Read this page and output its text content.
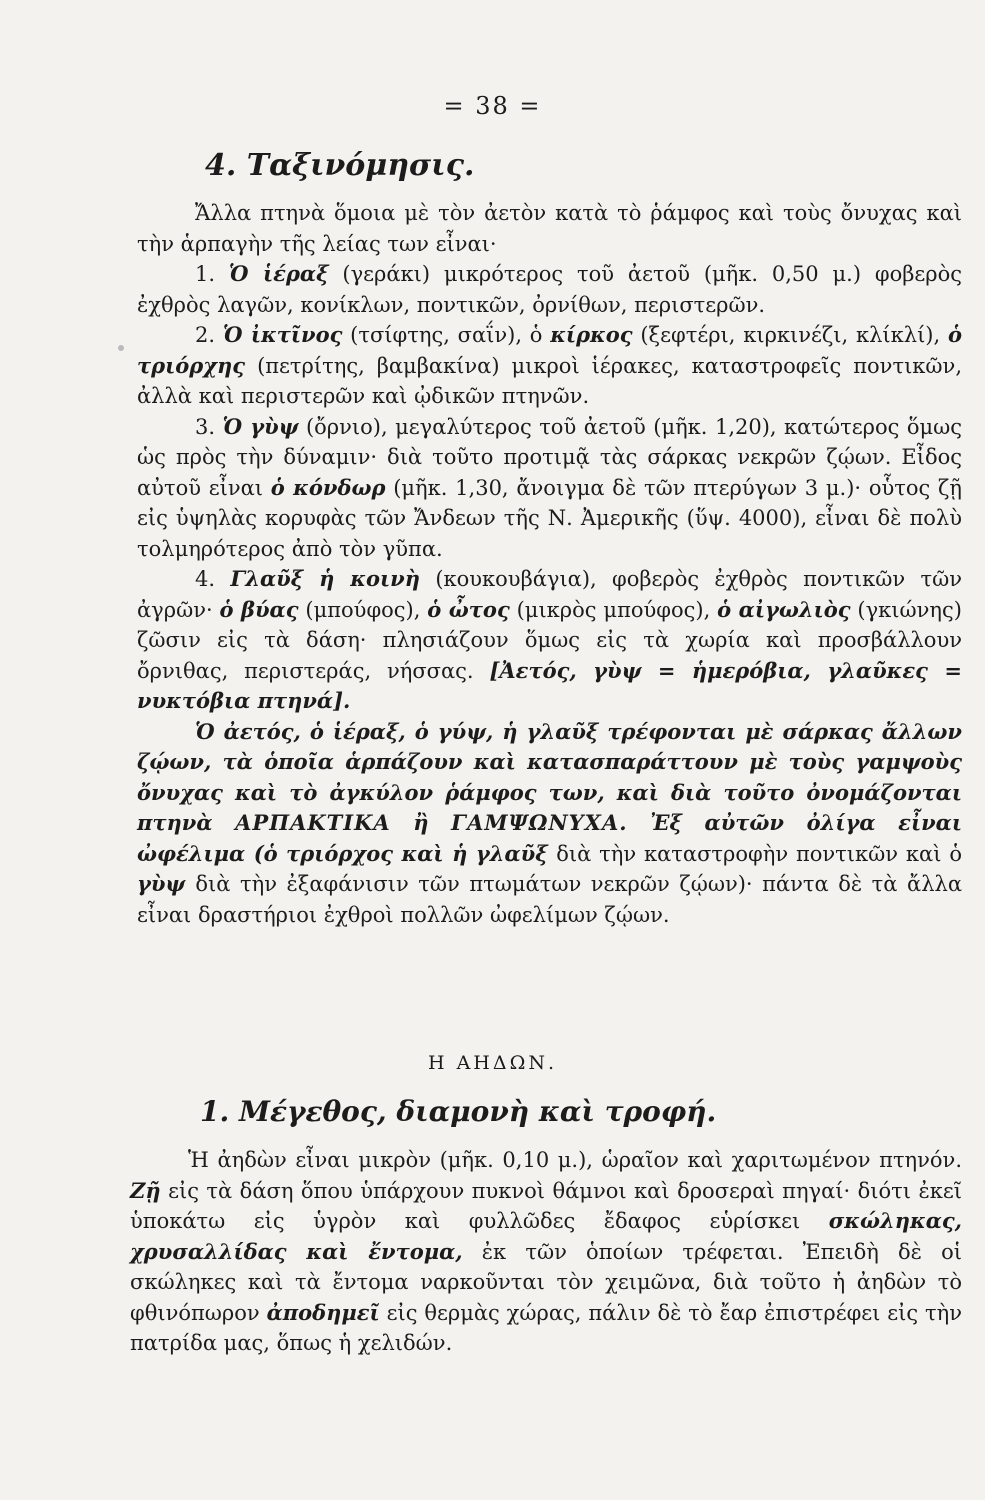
= 38 =
4. Ταξινόμησις.

Ἄλλα πτηνὰ ὅμοια μὲ τὸν ἀετὸν κατὰ τὸ ῥάμφος καὶ τοὺς ὄνυχας καὶ τὴν ἁρπαγὴν τῆς λείας των εἶναι·

1. Ὁ ἱέραξ (γεράκι) μικρότερος τοῦ ἀετοῦ (μῆκ. 0,50 μ.) φοβερὸς ἐχθρὸς λαγῶν, κονίκλων, ποντικῶν, ὀρνίθων, περιστερῶν.

2. Ὁ ἰκτῖνος (τσίφτης, σαΐν), ὁ κίρκος (ξεφτέρι, κιρκινέζι, κλίκλί), ὁ τριόρχης (πετρίτης, βαμβακίνα) μικροὶ ἱέρακες, καταστροφεῖς ποντικῶν, ἀλλὰ καὶ περιστερῶν καὶ ᾠδικῶν πτηνῶν.

3. Ὁ γὺψ (ὄρνιο), μεγαλύτερος τοῦ ἀετοῦ (μῆκ. 1,20), κατώτερος ὅμως ὡς πρὸς τὴν δύναμιν· διὰ τοῦτο προτιμᾷ τὰς σάρκας νεκρῶν ζῴων. Εἶδος αὐτοῦ εἶναι ὁ κόνδωρ (μῆκ. 1,30, ἄνοιγμα δὲ τῶν πτερύγων 3 μ.)· οὗτος ζῇ εἰς ὑψηλὰς κορυφὰς τῶν Ἄνδεων τῆς Ν. Ἀμερικῆς (ὕψ. 4000), εἶναι δὲ πολὺ τολμηρότερος ἀπὸ τὸν γῦπα.

4. Γλαῦξ ἡ κοινὴ (κουκουβάγια), φοβερὸς ἐχθρὸς ποντικῶν τῶν ἀγρῶν· ὁ βύας (μπούφος), ὁ ὦτος (μικρὸς μπούφος), ὁ αἰγωλιὸς (γκιώνης) ζῶσιν εἰς τὰ δάση· πλησιάζουν ὅμως εἰς τὰ χωρία καὶ προσβάλλουν ὄρνιθας, περιστεράς, νήσσας. [Ἀετός, γὺψ = ἡμερόβια, γλαῦκες = νυκτόβια πτηνά].

Ὁ ἀετός, ὁ ἱέραξ, ὁ γύψ, ἡ γλαῦξ τρέφονται μὲ σάρκας ἄλλων ζῴων, τὰ ὁποῖα ἁρπάζουν καὶ κατασπαράττουν μὲ τοὺς γαμψοὺς ὄνυχας καὶ τὸ ἀγκύλον ῥάμφος των, καὶ διὰ τοῦτο ὀνομάζονται πτηνὰ ΑΡΠΑΚΤΙΚΑ ἢ ΓΑΜΨΩΝΥΧΑ. Ἐξ αὐτῶν ὀλίγα εἶναι ὠφέλιμα (ὁ τριόρχος καὶ ἡ γλαῦξ διὰ τὴν καταστροφὴν ποντικῶν καὶ ὁ γὺψ διὰ τὴν ἐξαφάνισιν τῶν πτωμάτων νεκρῶν ζῴων)· πάντα δὲ τὰ ἄλλα εἶναι δραστήριοι ἐχθροὶ πολλῶν ὠφελίμων ζῴων.

Η ΑΗΔΩΝ.
1. Μέγεθος, διαμονὴ καὶ τροφή.

Ἡ ἀηδὼν εἶναι μικρὸν (μῆκ. 0,10 μ.), ὡραῖον καὶ χαριτωμένον πτηνόν. Ζῇ εἰς τὰ δάση ὅπου ὑπάρχουν πυκνοὶ θάμνοι καὶ δροσεραὶ πηγαί· διότι ἐκεῖ ὑποκάτω εἰς ὑγρὸν καὶ φυλλῶδες ἔδαφος εὑρίσκει σκώληκας, χρυσαλλίδας καὶ ἔντομα, ἐκ τῶν ὁποίων τρέφεται. Ἐπειδὴ δὲ οἱ σκώληκες καὶ τὰ ἔντομα ναρκοῦνται τὸν χειμῶνα, διὰ τοῦτο ἡ ἀηδὼν τὸ φθινόπωρον ἀποδημεῖ εἰς θερμὰς χώρας, πάλιν δὲ τὸ ἔαρ ἐπιστρέφει εἰς τὴν πατρίδα μας, ὅπως ἡ χελιδών.
